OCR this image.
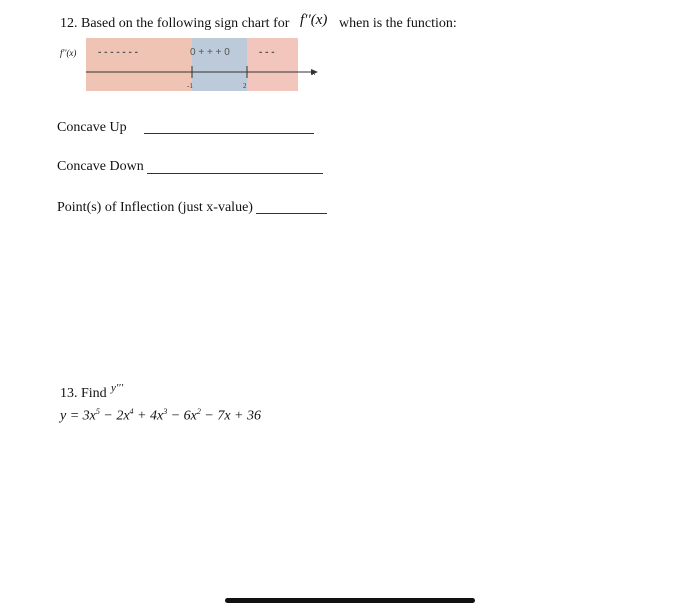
12. Based on the following sign chart for f′′(x) when is the function:
f′′(x) - - - - - - -	0 + + + 0	- - -
x
-1	2
Concave Up
Concave Down
Point(s) of Inflection (just x-value)
13. Find y′′′
$y = 3x^5 - 2x^4 + 4x^3 - 6x^2 - 7x + 36$
